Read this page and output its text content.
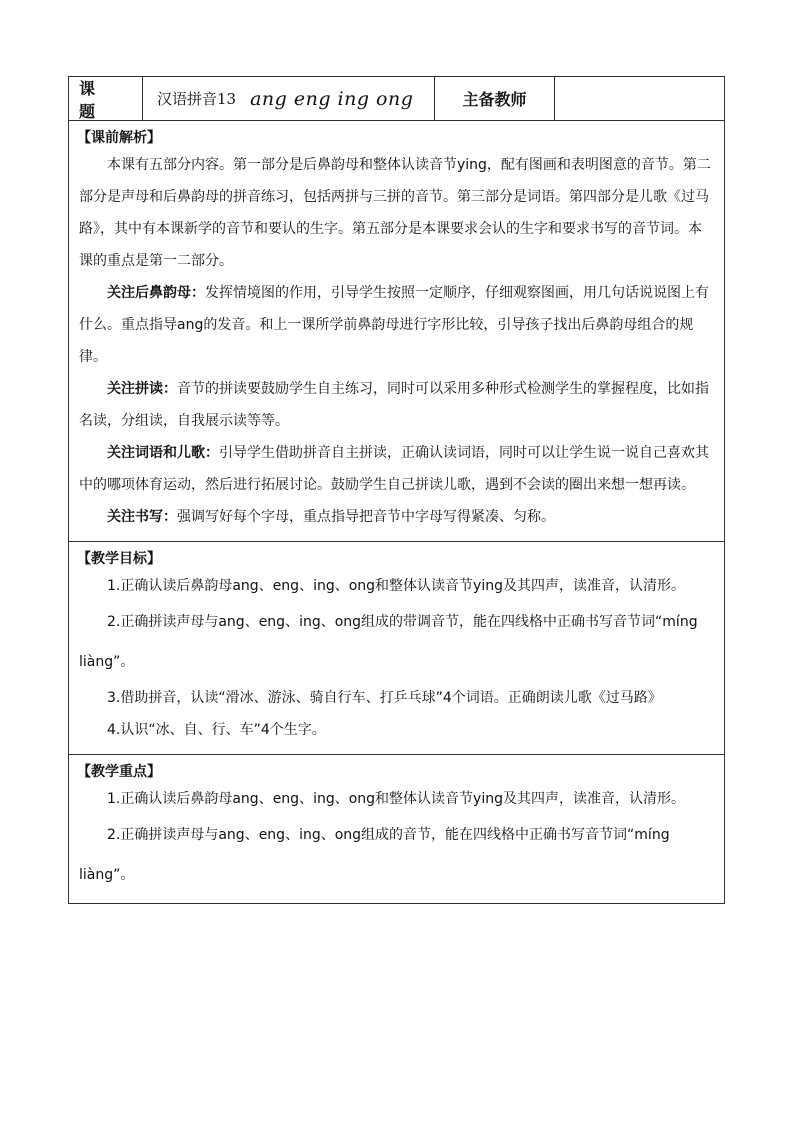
课 题
汉语拼音13 ang eng ing ong	主备教师
【课前解析】

本课有五部分内容。第一部分是后鼻韵母和整体认读音节ying，配有图画和表明图意的音节。第二部分是声母和后鼻韵母的拼音练习，包括两拼与三拼的音节。第三部分是词语。第四部分是儿歌《过马路》，其中有本课新学的音节和要认的生字。第五部分是本课要求会认的生字和要求书写的音节词。本课的重点是第一二部分。

关注后鼻韵母：发挥情境图的作用，引导学生按照一定顺序，仔细观察图画，用几句话说说图上有什么。重点指导ang的发音。和上一课所学前鼻韵母进行字形比较，引导孩子找出后鼻韵母组合的规律。

关注拼读：音节的拼读要鼓励学生自主练习，同时可以采用多种形式检测学生的掌握程度，比如指名读，分组读，自我展示读等等。

关注词语和儿歌：引导学生借助拼音自主拼读，正确认读词语，同时可以让学生说一说自己喜欢其中的哪项体育运动，然后进行拓展讨论。鼓励学生自己拼读儿歌，遇到不会读的圈出来想一想再读。

关注书写：强调写好每个字母，重点指导把音节中字母写得紧凑、匀称。

【教学目标】

1.正确认读后鼻韵母ang、eng、ing、ong和整体认读音节ying及其四声，读准音，认清形。

2.正确拼读声母与ang、eng、ing、ong组成的带调音节，能在四线格中正确书写音节词“míng liàng”。

3.借助拼音，认读“滑冰、游泳、骑自行车、打乒乓球”4个词语。正确朗读儿歌《过马路》

4.认识“冰、自、行、车”4个生字。

【教学重点】

1.正确认读后鼻韵母ang、eng、ing、ong和整体认读音节ying及其四声，读准音，认清形。

2.正确拼读声母与ang、eng、ing、ong组成的音节，能在四线格中正确书写音节词“míng liàng”。
